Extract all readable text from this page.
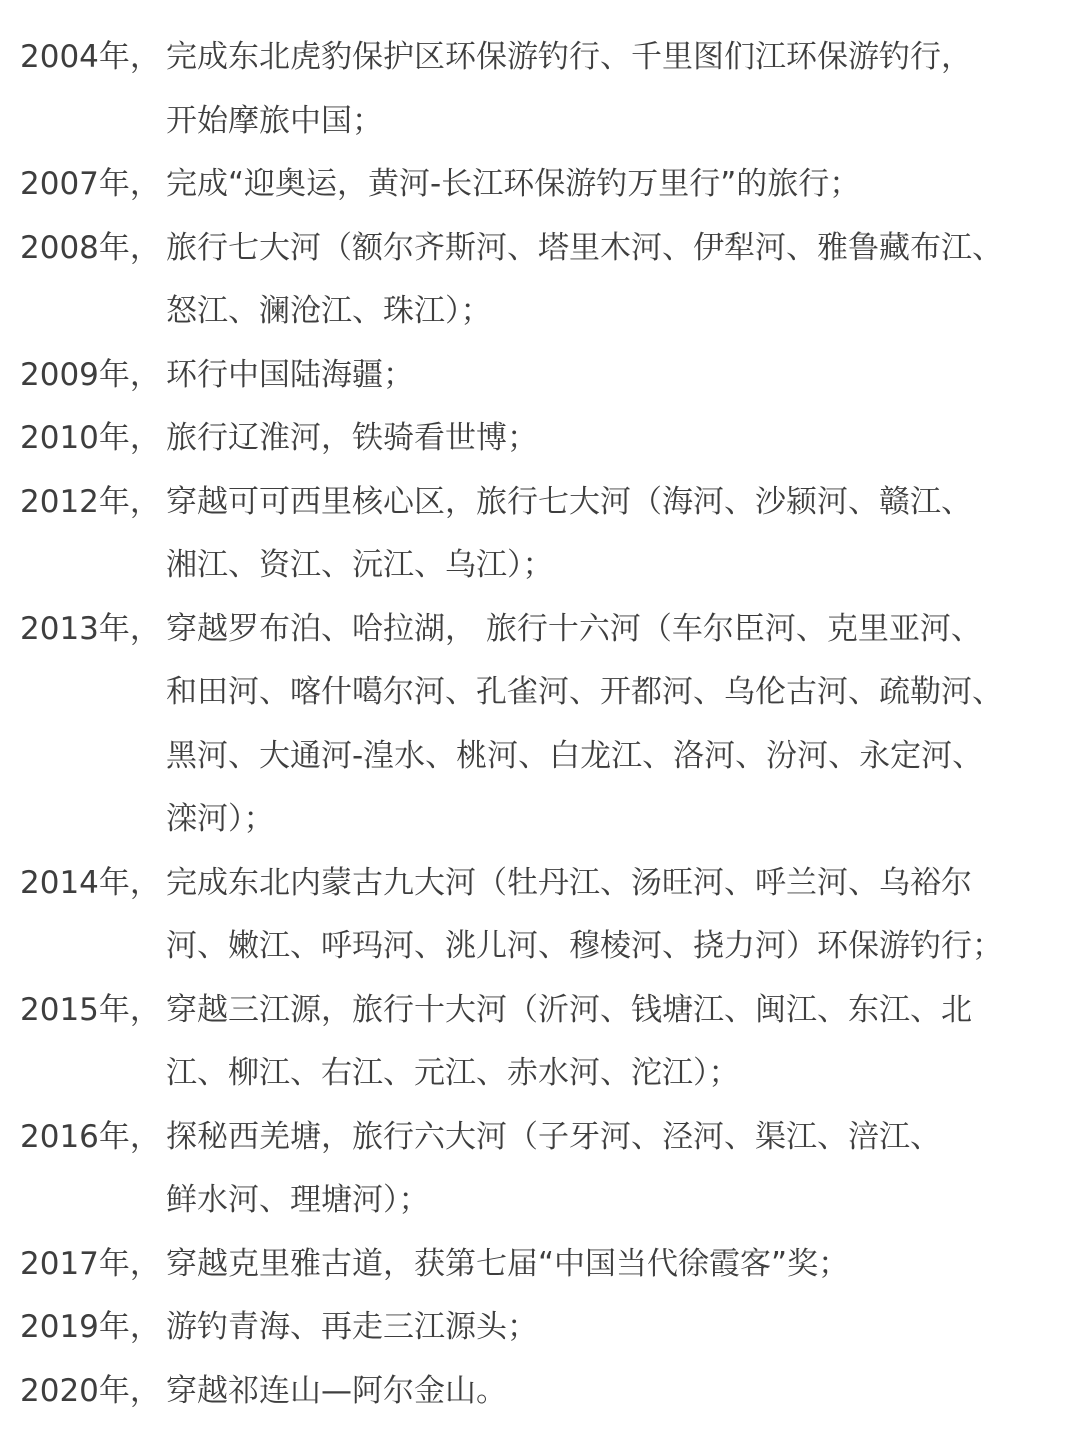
2004年， 完成东北虎豹保护区环保游钓行、千里图们江环保游钓行，
开始摩旅中国；
2007年， 完成“迎奥运，黄河-长江环保游钓万里行”的旅行；
2008年， 旅行七大河（额尔齐斯河、塔里木河、伊犁河、雅鲁藏布江、
怒江、澜沧江、珠江）；
2009年， 环行中国陆海疆；
2010年， 旅行辽淮河，铁骑看世博；
2012年， 穿越可可西里核心区，旅行七大河（海河、沙颍河、赣江、
湘江、资江、沅江、乌江）；
2013年， 穿越罗布泊、哈拉湖， 旅行十六河（车尔臣河、克里亚河、
和田河、喀什噶尔河、孔雀河、开都河、乌伦古河、疏勒河、
黑河、大通河-湟水、桃河、白龙江、洛河、汾河、永定河、
滦河）；
2014年， 完成东北内蒙古九大河（牡丹江、汤旺河、呼兰河、乌裕尔
河、嫩江、呼玛河、洮儿河、穆棱河、挠力河）环保游钓行；
2015年， 穿越三江源，旅行十大河（沂河、钱塘江、闽江、东江、北
江、柳江、右江、元江、赤水河、沱江）；
2016年， 探秘西羌塘，旅行六大河（子牙河、泾河、渠江、涪江、
鲜水河、理塘河）；
2017年， 穿越克里雅古道，获第七届“中国当代徐霞客”奖；
2019年， 游钓青海、再走三江源头；
2020年， 穿越祁连山—阿尔金山。
